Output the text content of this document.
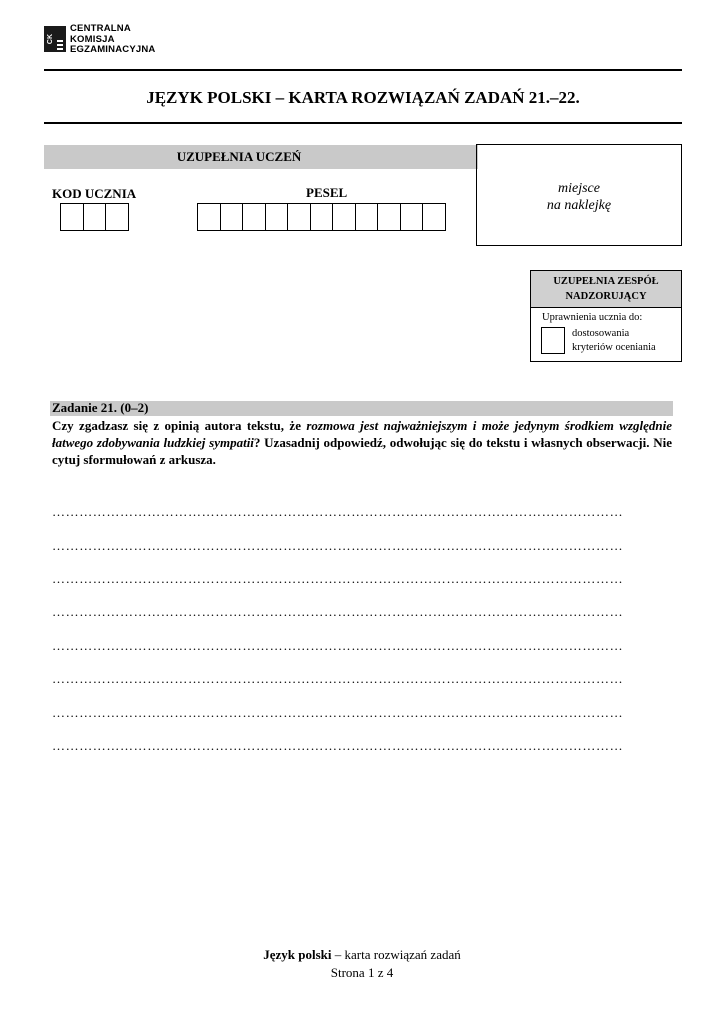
CK
CENTRALNA
KOMISJA
EGZAMINACYJNA
JĘZYK POLSKI – KARTA ROZWIĄZAŃ ZADAŃ 21.–22.
UZUPEŁNIA UCZEŃ
miejsce
na naklejkę
KOD UCZNIA	PESEL
UZUPEŁNIA ZESPÓŁ
NADZORUJĄCY
Uprawnienia ucznia do:
dostosowania
kryteriów oceniania
Zadanie 21. (0–2)
Czy zgadzasz się z opinią autora tekstu, że rozmowa jest najważniejszym i może jedynym środkiem względnie łatwego zdobywania ludzkiej sympatii? Uzasadnij odpowiedź, odwołując się do tekstu i własnych obserwacji. Nie cytuj sformułowań z arkusza.
………………………………………………………………………………………………………………
………………………………………………………………………………………………………………
………………………………………………………………………………………………………………
………………………………………………………………………………………………………………
………………………………………………………………………………………………………………
………………………………………………………………………………………………………………
………………………………………………………………………………………………………………
………………………………………………………………………………………………………………
Język polski – karta rozwiązań zadań
Strona 1 z 4
